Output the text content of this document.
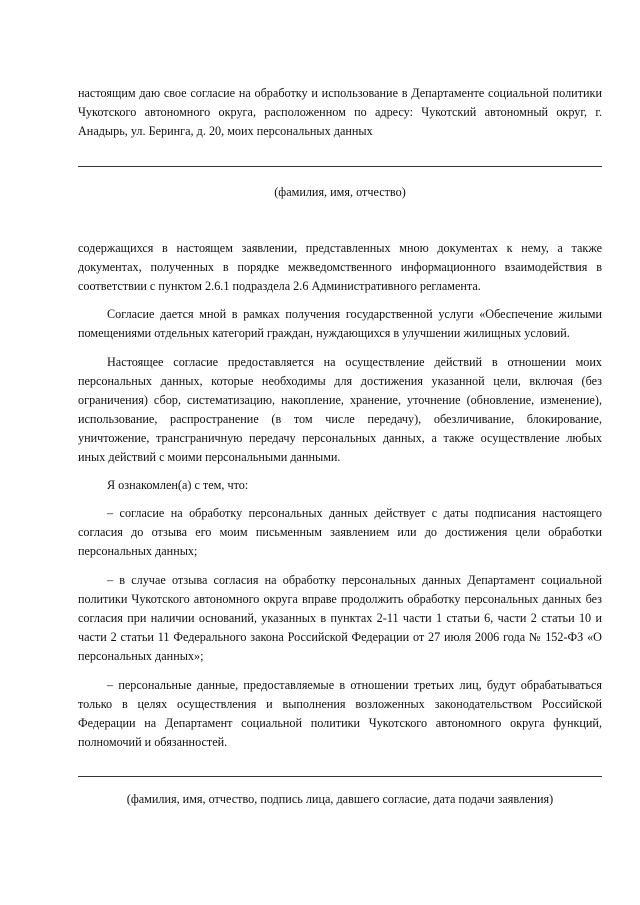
настоящим даю свое согласие на обработку и использование в Департаменте социальной политики Чукотского автономного округа, расположенном по адресу: Чукотский автономный округ, г. Анадырь, ул. Беринга, д. 20, моих персональных данных

(фамилия, имя, отчество)

содержащихся в настоящем заявлении, представленных мною документах к нему, а также документах, полученных в порядке межведомственного информационного взаимодействия в соответствии с пунктом 2.6.1 подраздела 2.6 Административного регламента.

Согласие дается мной в рамках получения государственной услуги «Обеспечение жилыми помещениями отдельных категорий граждан, нуждающихся в улучшении жилищных условий.

Настоящее согласие предоставляется на осуществление действий в отношении моих персональных данных, которые необходимы для достижения указанной цели, включая (без ограничения) сбор, систематизацию, накопление, хранение, уточнение (обновление, изменение), использование, распространение (в том числе передачу), обезличивание, блокирование, уничтожение, трансграничную передачу персональных данных, а также осуществление любых иных действий с моими персональными данными.

Я ознакомлен(а) с тем, что:

– согласие на обработку персональных данных действует с даты подписания настоящего согласия до отзыва его моим письменным заявлением или до достижения цели обработки персональных данных;

– в случае отзыва согласия на обработку персональных данных Департамент социальной политики Чукотского автономного округа вправе продолжить обработку персональных данных без согласия при наличии оснований, указанных в пунктах 2-11 части 1 статьи 6, части 2 статьи 10 и части 2 статьи 11 Федерального закона Российской Федерации от 27 июля 2006 года № 152-ФЗ «О персональных данных»;

– персональные данные, предоставляемые в отношении третьих лиц, будут обрабатываться только в целях осуществления и выполнения возложенных законодательством Российской Федерации на Департамент социальной политики Чукотского автономного округа функций, полномочий и обязанностей.

(фамилия, имя, отчество, подпись лица, давшего согласие, дата подачи заявления)
